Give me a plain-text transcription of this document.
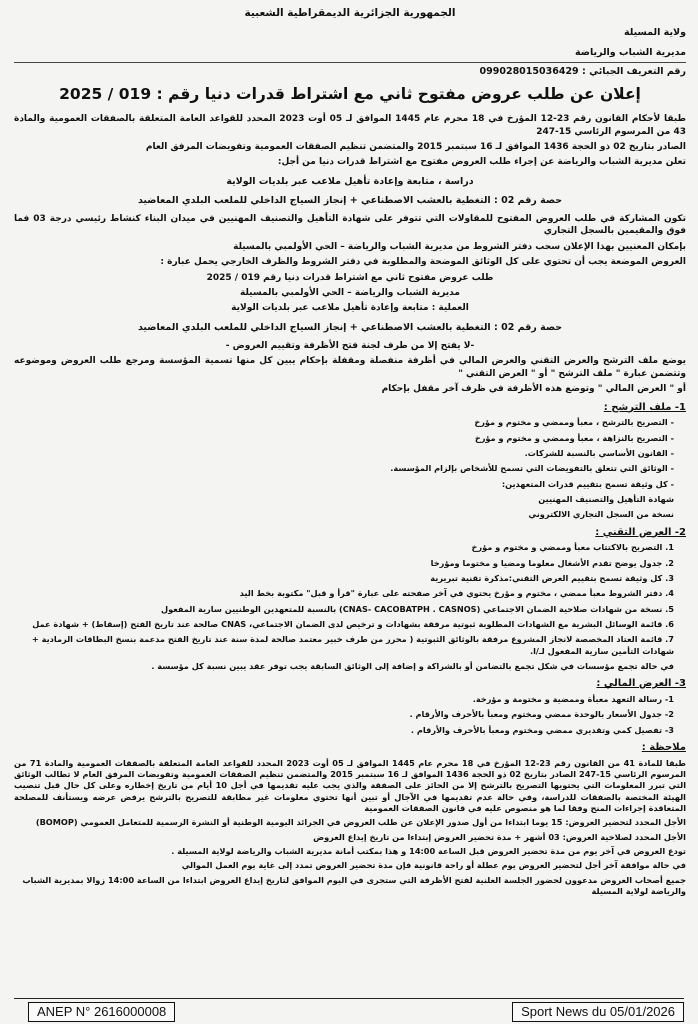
الجمهورية الجزائرية الديمقراطية الشعبية

ولاية المسيلة

مديرية الشباب والرياضة

رقم التعريف الجبائي : 099028015036429

إعلان عن طلب عروض مفتوح ثاني مع اشتراط قدرات دنيا رقم : 019 / 2025

طبقا لأحكام القانون رقم 23-12 المؤرخ في 18 محرم عام 1445 الموافق لـ 05 أوت 2023 المحدد للقواعد العامة المتعلقة بالصفقات العمومية والمادة 43 من المرسوم الرئاسي 15-247

الصادر بتاريخ 02 ذو الحجة 1436 الموافق لـ 16 سبتمبر 2015 والمتضمن تنظيم الصفقات العمومية وتفويضات المرفق العام

تعلن مديرية الشباب والرياضة عن إجراء طلب العروض مفتوح مع اشتراط قدرات دنيا من أجل:

دراسة ، متابعة وإعادة تأهيل ملاعب عبر بلديات الولاية

حصة رقم 02 : التغطية بالعشب الاصطناعي + إنجاز السياج الداخلي للملعب البلدي المعاضيد

تكون المشاركة في طلب العروض المفتوح للمقاولات التي تتوفر على شهادة التأهيل والتصنيف المهنيين في ميدان البناء كنشاط رئيسي درجة 03 فما فوق والمقيمين بالسجل التجاري

بإمكان المعنيين بهذا الإعلان سحب دفتر الشروط من مديرية الشباب والرياضة – الحي الأولمبي بالمسيلة

العروض الموضعة يجب أن تحتوي على كل الوثائق الموضحة والمطلوبة في دفتر الشروط والظرف الخارجي يحمل عبارة :

طلب عروض مفتوح ثاني مع اشتراط قدرات دنيا رقم 019 / 2025

مديرية الشباب والرياضة – الحي الأولمبي بالمسيلة

العملية : متابعة وإعادة تأهيل ملاعب عبر بلديات الولاية

حصة رقم 02 : التغطية بالعشب الاصطناعي + إنجاز السياج الداخلي للملعب البلدي المعاضيد

-لا يفتح إلا من طرف لجنة فتح الأظرفة وتقييم العروض -

يوضع ملف الترشح والعرض التقني والعرض المالي في أظرفة منفصلة ومقفلة بإحكام يبين كل منها تسمية المؤسسة ومرجع طلب العروض وموضوعه وتتضمن عبارة " ملف الترشح " أو " العرض التقني "

أو " العرض المالي " وتوضع هذه الأظرفة في ظرف آخر مقفل بإحكام

1- ملف الترشح :
- التصريح بالترشح ، معبأ وممضي و مختوم و مؤرخ
- التصريح بالنزاهة ، معبأ وممضي و مختوم و مؤرخ
- القانون الأساسي بالنسبة للشركات.
- الوثائق التي تتعلق بالتفويضات التي تسمح للأشخاص بإلزام المؤسسة.
- كل وثيقة تسمح بتقييم قدرات المتعهدين:
شهادة التأهيل والتصنيف المهنيين
نسخة من السجل التجاري الالكتروني
2- العرض التقني :
1. التصريح بالاكتتاب معبأ وممضي و مختوم و مؤرخ
2. جدول يوضح تقدم الأشغال معلوما ومضيا و مختوما ومؤرخا
3. كل وثيقة تسمح بتقييم العرض التقني:مذكرة تقنية تبريرية
4. دفتر الشروط معبأ ممضي ، مختوم و مؤرخ يحتوي في آخر صفحته على عبارة "قرأ و قبل" مكتوبة بخط اليد
5. نسخة من شهادات صلاحية الضمان الاجتماعي (CNAS- CACOBATPH . CASNOS) بالنسبة للمتعهدين الوطنيين سارية المفعول
6. قائمة الوسائل البشرية مع الشهادات المطلوبة ثبوتية مرفقة بشهادات و ترخيص لدى الضمان الاجتماعي، CNAS صالحة عند تاريخ الفتح (إسقاط) + شهادة عمل
7. قائمة العتاد المخصصة لانجاز المشروع مرفقة بالوثائق الثبوتية ( محرر من طرف خبير معتمد صالحة لمدة سنة عند تاريخ الفتح مدعمة بنسخ البطاقات الرمادية + شهادات التأمين سارية المفعول لـ/ا.
في حالة تجمع مؤسسات في شكل تجمع بالتضامن أو بالشراكة و إضافة إلى الوثائق السابقة يجب توفر عقد يبين نسبة كل مؤسسة .
3- العرض المالي :
1- رسالة التعهد معبأة وممضية و مختومة و مؤرخة.
2- جدول الأسعار بالوحدة ممضي ومختوم ومعبأ بالأحرف والأرقام .
3- تفصيل كمي وتقديري ممضي ومختوم ومعبأ بالأحرف والأرقام .
ملاحظة :

طبقا للمادة 41 من القانون رقم 23-12 المؤرخ في 18 محرم عام 1445 الموافق لـ 05 أوت 2023 المحدد للقواعد العامة المتعلقة بالصفقات العمومية والمادة 71 من المرسوم الرئاسي 15-247 الصادر بتاريخ 02 ذو الحجة 1436 الموافق لـ 16 سبتمبر 2015 والمتضمن تنظيم الصفقات العمومية وتفويضات المرفق العام لا تطالب الوثائق التي تبرر المعلومات التي يحتويها التصريح بالترشح إلا من الحائز على الصفقة والذي يجب عليه تقديمها في أجل 10 أيام من تاريخ إخطاره وعلى كل حال قبل تنصيب الهيئة المختصة بالصفقات للدراسة، وفي حالة عدم تقديمها في الآجال أو تبين أنها تحتوي معلومات غير مطابقة للتصريح بالترشح يرفض عرضه ويستأنف للمصلحة المتعاقدة إجراءات المنح وفقا لما هو منصوص عليه في قانون الصفقات العمومية

الأجل المحدد لتحضير العروض: 15 يوما ابتداءا من أول صدور الإعلان عن طلب العروض في الجرائد اليومية الوطنية أو النشرة الرسمية للمتعامل العمومي (BOMOP)

الأجل المحدد لصلاحية العروض: 03 أشهر + مدة تحضير العروض إبتداءا من تاريخ إيداع العروض

تودع العروض في آخر يوم من مدة تحضير العروض قبل الساعة 14:00 و هذا بمكتب أمانة مديرية الشباب والرياضة لولاية المسيلة .

في حالة موافقة آخر أجل لتحضير العروض يوم عطلة أو راحة قانونية فإن مدة تحضير العروض تمدد إلى غاية يوم العمل الموالي

جميع أصحاب العروض مدعوون لحضور الجلسة العلنية لفتح الأظرفة التي ستجرى في اليوم الموافق لتاريخ إيداع العروض ابتداءا من الساعة 14:00 زوالا بمديرية الشباب والرياضة لولاية المسيلة

ANEP N° 2616000008	Sport News du 05/01/2026
